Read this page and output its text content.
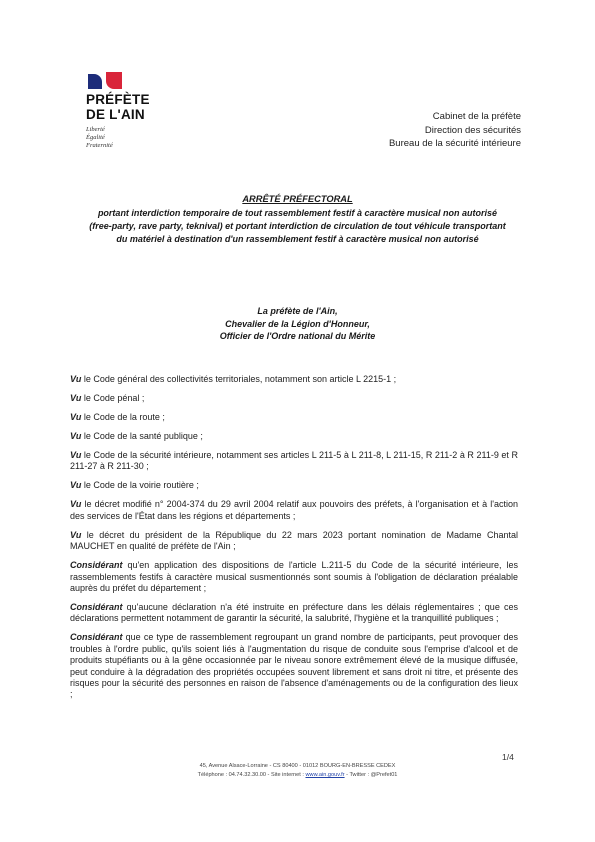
PRÉFÈTE
DE L'AIN
Liberté
Égalité
Fraternité
Cabinet de la préfète
Direction des sécurités
Bureau de la sécurité intérieure
ARRÊTÉ PRÉFECTORAL
portant interdiction temporaire de tout rassemblement festif à caractère musical non autorisé
(free-party, rave party, teknival) et portant interdiction de circulation de tout véhicule transportant
du matériel à destination d'un rassemblement festif à caractère musical non autorisé
La préfète de l'Ain,
Chevalier de la Légion d'Honneur,
Officier de l'Ordre national du Mérite

Vu le Code général des collectivités territoriales, notamment son article L 2215-1 ;

Vu le Code pénal ;

Vu le Code de la route ;

Vu le Code de la santé publique ;

Vu le Code de la sécurité intérieure, notamment ses articles L 211-5 à L 211-8, L 211-15, R 211-2 à R 211-9 et R 211-27 à R 211-30 ;

Vu le Code de la voirie routière ;

Vu le décret modifié n° 2004-374 du 29 avril 2004 relatif aux pouvoirs des préfets, à l'organisation et à l'action des services de l'État dans les régions et départements ;

Vu le décret du président de la République du 22 mars 2023 portant nomination de Madame Chantal MAUCHET en qualité de préfète de l'Ain ;

Considérant qu'en application des dispositions de l'article L.211-5 du Code de la sécurité intérieure, les rassemblements festifs à caractère musical susmentionnés sont soumis à l'obligation de déclaration préalable auprès du préfet du département ;

Considérant qu'aucune déclaration n'a été instruite en préfecture dans les délais réglementaires ; que ces déclarations permettent notamment de garantir la sécurité, la salubrité, l'hygiène et la tranquillité publiques ;

Considérant que ce type de rassemblement regroupant un grand nombre de participants, peut provoquer des troubles à l'ordre public, qu'ils soient liés à l'augmentation du risque de conduite sous l'emprise d'alcool et de produits stupéfiants ou à la gêne occasionnée par le niveau sonore extrêmement élevé de la musique diffusée, peut conduire à la dégradation des propriétés occupées souvent librement et sans droit ni titre, et présente des risques pour la sécurité des personnes en raison de l'absence d'aménagements ou de la configuration des lieux ;

1/4
45, Avenue Alsace-Lorraine - CS 80400 - 01012 BOURG-EN-BRESSE CEDEX
Téléphone : 04.74.32.30.00 - Site internet : www.ain.gouv.fr - Twitter : @Prefet01
